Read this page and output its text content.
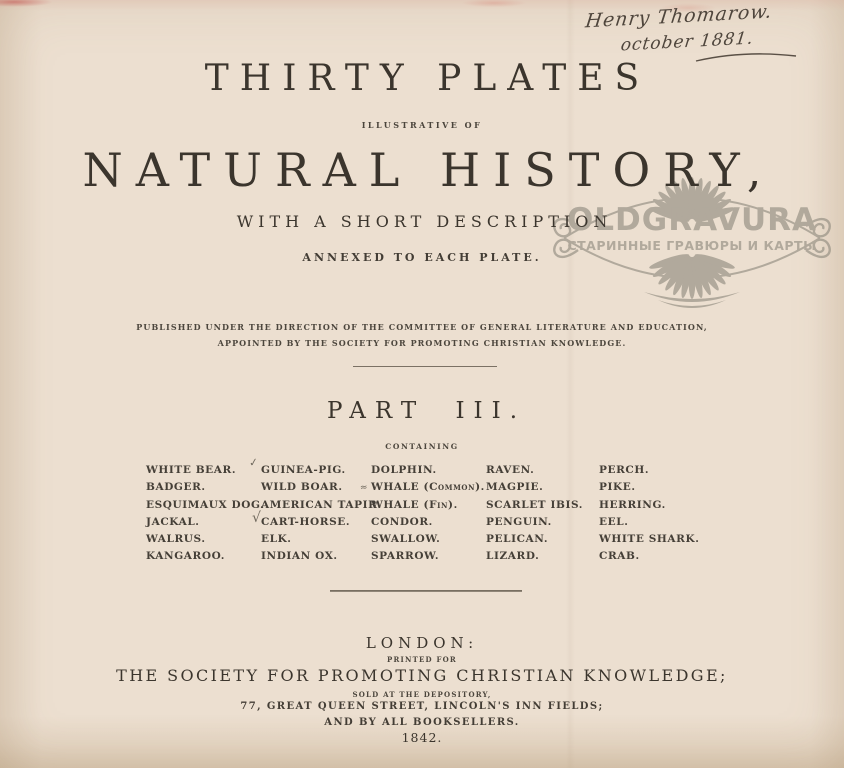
OLDGRAVURA
СТАРИННЫЕ ГРАВЮРЫ И КАРТЫ
Henry Thomarow.
october 1881.
THIRTY PLATES
ILLUSTRATIVE OF
NATURAL HISTORY,
WITH A SHORT DESCRIPTION
ANNEXED TO EACH PLATE.
PUBLISHED UNDER THE DIRECTION OF THE COMMITTEE OF GENERAL LITERATURE AND EDUCATION,
APPOINTED BY THE SOCIETY FOR PROMOTING CHRISTIAN KNOWLEDGE.
PART III.
CONTAINING
WHITE BEAR.
BADGER.
ESQUIMAUX DOG.
JACKAL.
WALRUS.
KANGAROO.
GUINEA-PIG.
WILD BOAR.
AMERICAN TAPIR.
CART-HORSE.
ELK.
INDIAN OX.
DOLPHIN.
WHALE (Common).
WHALE (Fin).
CONDOR.
SWALLOW.
SPARROW.
RAVEN.
MAGPIE.
SCARLET IBIS.
PENGUIN.
PELICAN.
LIZARD.
PERCH.
PIKE.
HERRING.
EEL.
WHITE SHARK.
CRAB.
✓
√
≈
LONDON:
PRINTED FOR
THE SOCIETY FOR PROMOTING CHRISTIAN KNOWLEDGE;
SOLD AT THE DEPOSITORY,
77, GREAT QUEEN STREET, LINCOLN'S INN FIELDS;
AND BY ALL BOOKSELLERS.
1842.
